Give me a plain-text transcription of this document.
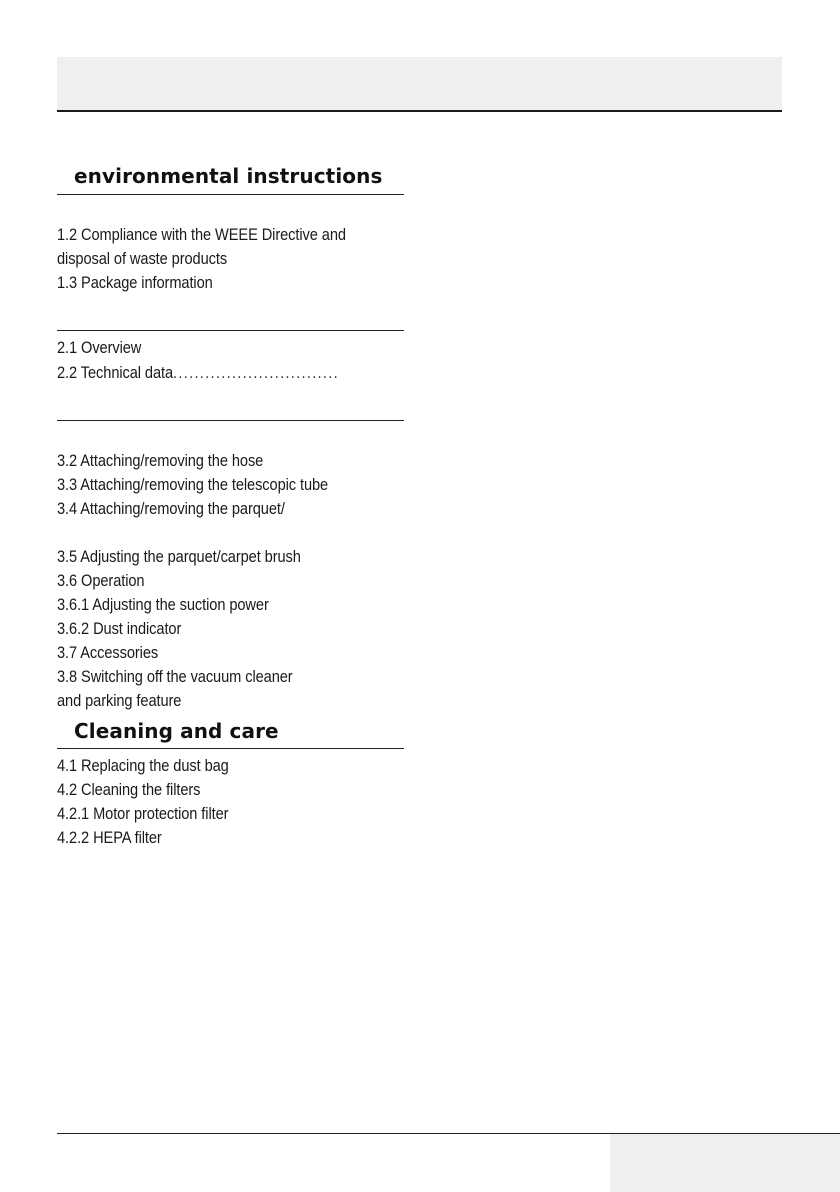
environmental instructions
1.2 Compliance with the WEEE Directive and
disposal of waste products
1.3 Package information
2.1 Overview
2.2 Technical data...............................
3.2 Attaching/removing the hose
3.3 Attaching/removing the telescopic tube
3.4 Attaching/removing the parquet/
3.5 Adjusting the parquet/carpet brush
3.6 Operation
3.6.1 Adjusting the suction power
3.6.2 Dust indicator
3.7 Accessories
3.8 Switching off the vacuum cleaner
and parking feature
Cleaning and care
4.1 Replacing the dust bag
4.2 Cleaning the filters
4.2.1 Motor protection filter
4.2.2 HEPA filter
